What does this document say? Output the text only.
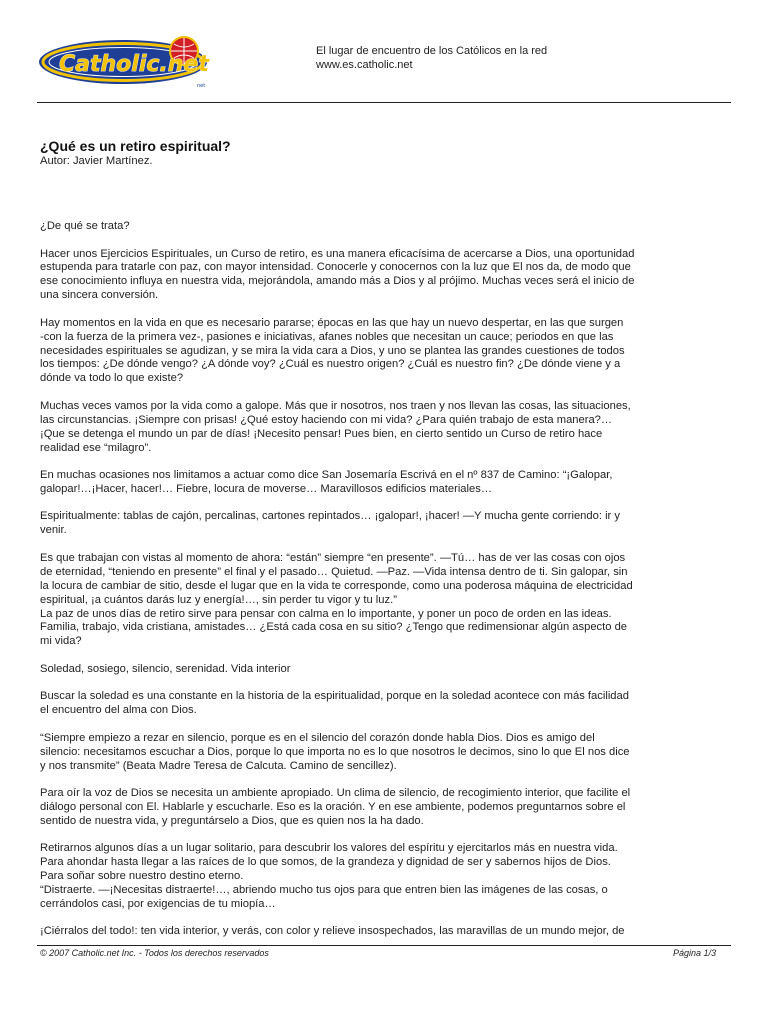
Catholic.net
net
El lugar de encuentro de los Católicos en la red
www.es.catholic.net
¿Qué es un retiro espiritual?
Autor: Javier Martínez.

¿De qué se trata?

Hacer unos Ejercicios Espirituales, un Curso de retiro, es una manera eficacísima de acercarse a Dios, una oportunidad
estupenda para tratarle con paz, con mayor intensidad. Conocerle y conocernos con la luz que El nos da, de modo que
ese conocimiento influya en nuestra vida, mejorándola, amando más a Dios y al prójimo. Muchas veces será el inicio de
una sincera conversión.

Hay momentos en la vida en que es necesario pararse; épocas en las que hay un nuevo despertar, en las que surgen
-con la fuerza de la primera vez-, pasiones e iniciativas, afanes nobles que necesitan un cauce; periodos en que las
necesidades espirituales se agudizan, y se mira la vida cara a Dios, y uno se plantea las grandes cuestiones de todos
los tiempos: ¿De dónde vengo? ¿A dónde voy? ¿Cuál es nuestro origen? ¿Cuál es nuestro fin? ¿De dónde viene y a
dónde va todo lo que existe?

Muchas veces vamos por la vida como a galope. Más que ir nosotros, nos traen y nos llevan las cosas, las situaciones,
las circunstancias. ¡Siempre con prisas! ¿Qué estoy haciendo con mi vida? ¿Para quién trabajo de esta manera?…
¡Que se detenga el mundo un par de días! ¡Necesito pensar! Pues bien, en cierto sentido un Curso de retiro hace
realidad ese “milagro”.

En muchas ocasiones nos limitamos a actuar como dice San Josemaría Escrivá en el nº 837 de Camino: “¡Galopar,
galopar!…¡Hacer, hacer!… Fiebre, locura de moverse… Maravillosos edificios materiales…

Espiritualmente: tablas de cajón, percalinas, cartones repintados… ¡galopar!, ¡hacer! —Y mucha gente corriendo: ir y
venir.

Es que trabajan con vistas al momento de ahora: “están” siempre “en presente”. —Tú… has de ver las cosas con ojos
de eternidad, “teniendo en presente” el final y el pasado… Quietud. —Paz. —Vida intensa dentro de ti. Sin galopar, sin
la locura de cambiar de sitio, desde el lugar que en la vida te corresponde, como una poderosa máquina de electricidad
espiritual, ¡a cuántos darás luz y energía!…, sin perder tu vigor y tu luz.”
La paz de unos días de retiro sirve para pensar con calma en lo importante, y poner un poco de orden en las ideas.
Familia, trabajo, vida cristiana, amistades… ¿Está cada cosa en su sitio? ¿Tengo que redimensionar algún aspecto de
mi vida?

Soledad, sosiego, silencio, serenidad. Vida interior

Buscar la soledad es una constante en la historia de la espiritualidad, porque en la soledad acontece con más facilidad
el encuentro del alma con Dios.

“Siempre empiezo a rezar en silencio, porque es en el silencio del corazón donde habla Dios. Dios es amigo del
silencio: necesitamos escuchar a Dios, porque lo que importa no es lo que nosotros le decimos, sino lo que El nos dice
y nos transmite” (Beata Madre Teresa de Calcuta. Camino de sencillez).

Para oír la voz de Dios se necesita un ambiente apropiado. Un clima de silencio, de recogimiento interior, que facilite el
diálogo personal con El. Hablarle y escucharle. Eso es la oración. Y en ese ambiente, podemos preguntarnos sobre el
sentido de nuestra vida, y preguntárselo a Dios, que es quien nos la ha dado.

Retirarnos algunos días a un lugar solitario, para descubrir los valores del espíritu y ejercitarlos más en nuestra vida.
Para ahondar hasta llegar a las raíces de lo que somos, de la grandeza y dignidad de ser y sabernos hijos de Dios.
Para soñar sobre nuestro destino eterno.
“Distraerte. —¡Necesitas distraerte!…, abriendo mucho tus ojos para que entren bien las imágenes de las cosas, o
cerrándolos casi, por exigencias de tu miopía…

¡Ciérralos del todo!: ten vida interior, y verás, con color y relieve insospechados, las maravillas de un mundo mejor, de

© 2007 Catholic.net Inc. - Todos los derechos reservados	Página 1/3
